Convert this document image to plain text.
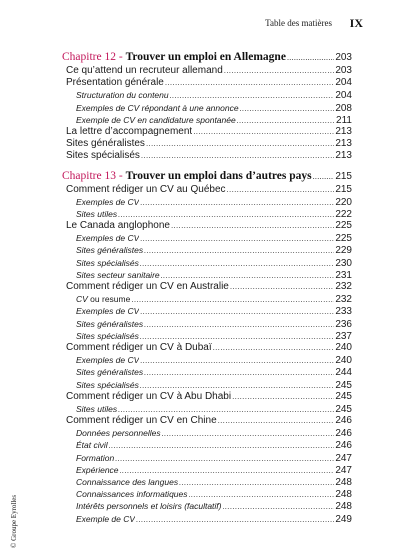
Table des matières IX
Chapitre 12 - Trouver un emploi en Allemagne .....	203
Ce qu’attend un recruteur allemand .....	203
Présentation générale .....	204
Structuration du contenu .....	204
Exemples de CV répondant à une annonce .....	208
Exemple de CV en candidature spontanée .....	211
La lettre d’accompagnement .....	213
Sites généralistes .....	213
Sites spécialisés .....	213
Chapitre 13 - Trouver un emploi dans d’autres pays ..... 215
Comment rédiger un CV au Québec .....	215
Exemples de CV .....	220
Sites utiles .....	222
Le Canada anglophone .....	225
Exemples de CV .....	225
Sites généralistes .....	229
Sites spécialisés .....	230
Sites secteur sanitaire .....	231
Comment rédiger un CV en Australie .....	232
CV ou resume .....	232
Exemples de CV .....	233
Sites généralistes .....	236
Sites spécialisés .....	237
Comment rédiger un CV à Dubaï .....	240
Exemples de CV .....	240
Sites généralistes .....	244
Sites spécialisés .....	245
Comment rédiger un CV à Abu Dhabi .....	245
Sites utiles .....	245
Comment rédiger un CV en Chine .....	246
Données personnelles .....	246
État civil .....	246
Formation .....	247
Expérience .....	247
Connaissance des langues .....	248
Connaissances informatiques .....	248
Intérêts personnels et loisirs (facultatif) .....	248
Exemple de CV .....	249
© Groupe Eyrolles
